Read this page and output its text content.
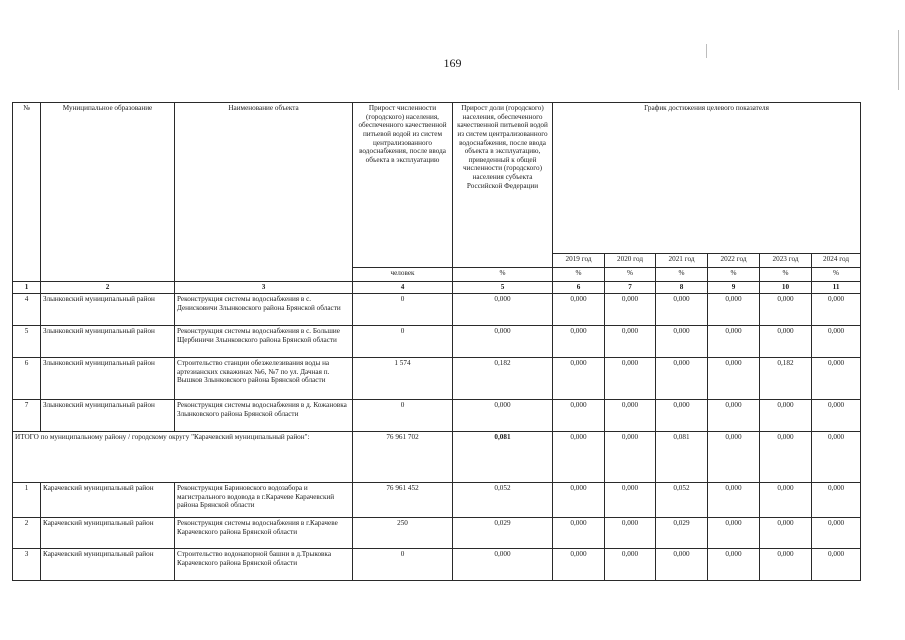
169
№	Муниципальное образование	Наименование объекта	Прирост численности (городского) населения, обеспеченного качественной питьевой водой из систем централизованного водоснабжения, после ввода объекта в эксплуатацию	Прирост доли (городского) населения, обеспеченного качественной питьевой водой из систем централизованного водоснабжения, после ввода объекта в эксплуатацию, приведенный к общей численности (городского) населения субъекта Российской Федерации	График достижения целевого показателя					
					2019 год	2020 год	2021 год	2022 год	2023 год	2024 год
			человек	%	%	%	%	%	%	%
1	2	3	4	5	6	7	8	9	10	11
4	Злынковский муниципальный район	Реконструкция системы водоснабжения в с. Денисковичи Злынковского района Брянской области	0	0,000	0,000	0,000	0,000	0,000	0,000	0,000
5	Злынковский муниципальный район	Реконструкция системы водоснабжения в с. Большие Щербиничи Злынковского района Брянской области	0	0,000	0,000	0,000	0,000	0,000	0,000	0,000
6	Злынковский муниципальный район	Строительство станции обезжелезивания воды на артезианских скважинах №6, №7 по ул. Дачная п. Вышков Злынковского района Брянской области	1 574	0,182	0,000	0,000	0,000	0,000	0,182	0,000
7	Злынковский муниципальный район	Реконструкция системы водоснабжения в д. Кожановка Злынковского района Брянской области	0	0,000	0,000	0,000	0,000	0,000	0,000	0,000
ИТОГО по муниципальному району / городскому округу "Карачевский муниципальный район":			76 961 702	0,081	0,000	0,000	0,081	0,000	0,000	0,000
1	Карачевский муниципальный район	Реконструкция Бариновского водозабора и магистрального водовода в г.Карачеве Карачевский района Брянской области	76 961 452	0,052	0,000	0,000	0,052	0,000	0,000	0,000
2	Карачевский муниципальный район	Реконструкция системы водоснабжения в г.Карачеве Карачевского района Брянской области	250	0,029	0,000	0,000	0,029	0,000	0,000	0,000
3	Карачевский муниципальный район	Строительство водонапорной башни в д.Трыковка Карачевского района Брянской области	0	0,000	0,000	0,000	0,000	0,000	0,000	0,000
